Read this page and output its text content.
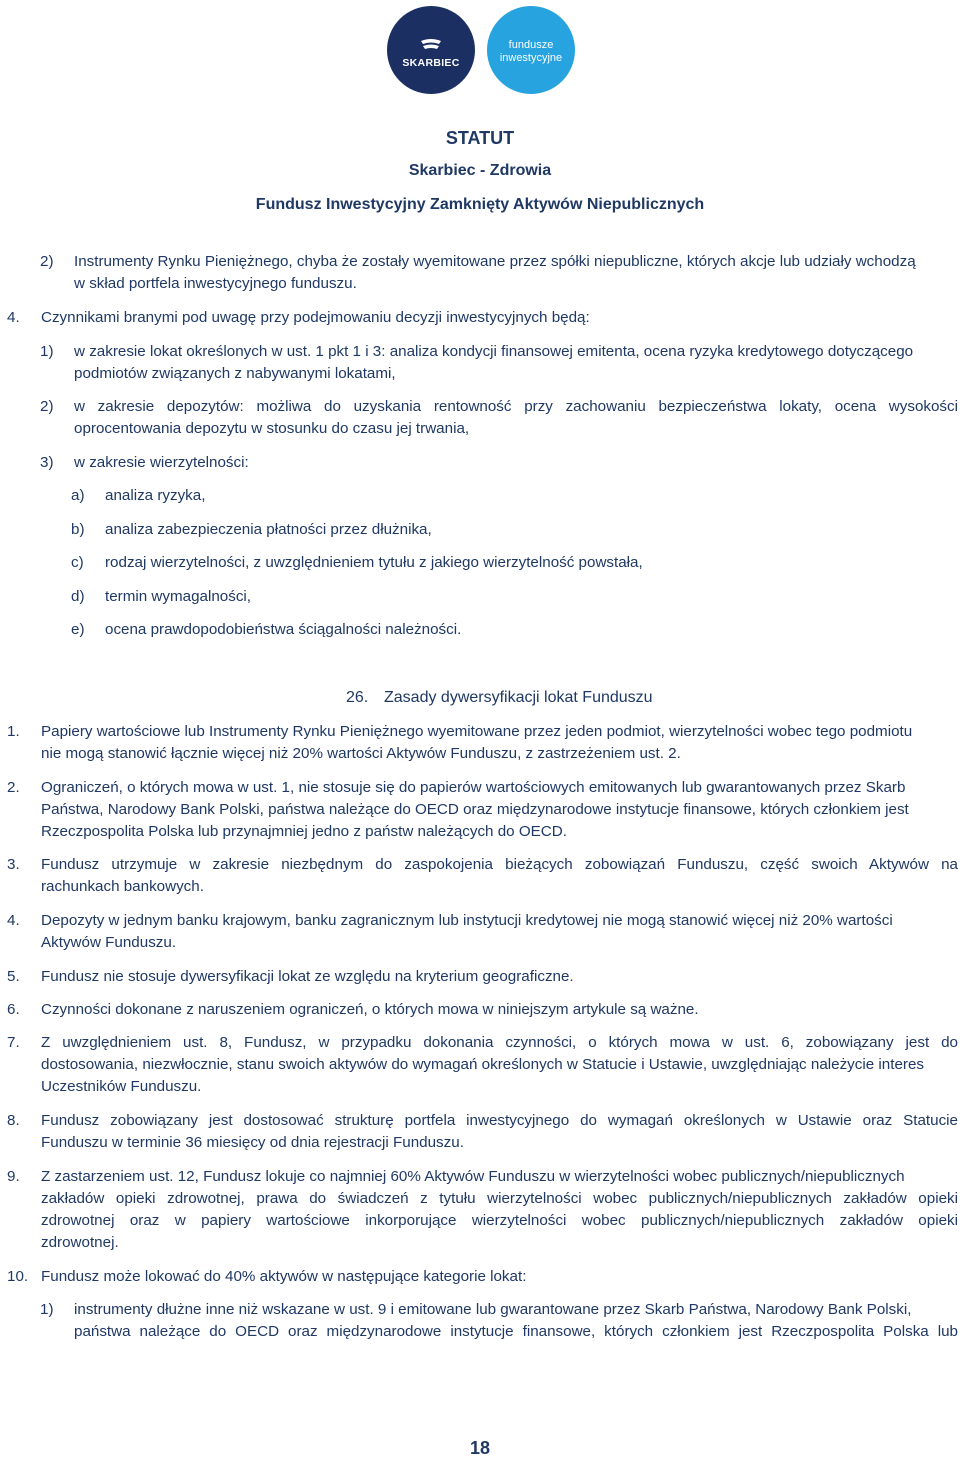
SKARBIEC
fundusze
inwestycyjne
STATUT
Skarbiec - Zdrowia
Fundusz Inwestycyjny Zamknięty Aktywów Niepublicznych
2) Instrumenty Rynku Pieniężnego, chyba że zostały wyemitowane przez spółki niepubliczne, których akcje lub udziały wchodzą
w skład portfela inwestycyjnego funduszu.
4. Czynnikami branymi pod uwagę przy podejmowaniu decyzji inwestycyjnych będą:
1) w zakresie lokat określonych w ust. 1 pkt 1 i 3: analiza kondycji finansowej emitenta, ocena ryzyka kredytowego dotyczącego
podmiotów związanych z nabywanymi lokatami,
2) w zakresie depozytów: możliwa do uzyskania rentowność przy zachowaniu bezpieczeństwa lokaty, ocena wysokości
oprocentowania depozytu w stosunku do czasu jej trwania,
3) w zakresie wierzytelności:
a) analiza ryzyka,
b) analiza zabezpieczenia płatności przez dłużnika,
c) rodzaj wierzytelności, z uwzględnieniem tytułu z jakiego wierzytelność powstała,
d) termin wymagalności,
e) ocena prawdopodobieństwa ściągalności należności.
26. Zasady dywersyfikacji lokat Funduszu
1. Papiery wartościowe lub Instrumenty Rynku Pieniężnego wyemitowane przez jeden podmiot, wierzytelności wobec tego podmiotu
nie mogą stanowić łącznie więcej niż 20% wartości Aktywów Funduszu, z zastrzeżeniem ust. 2.
2. Ograniczeń, o których mowa w ust. 1, nie stosuje się do papierów wartościowych emitowanych lub gwarantowanych przez Skarb
Państwa, Narodowy Bank Polski, państwa należące do OECD oraz międzynarodowe instytucje finansowe, których członkiem jest
Rzeczpospolita Polska lub przynajmniej jedno z państw należących do OECD.
3. Fundusz utrzymuje w zakresie niezbędnym do zaspokojenia bieżących zobowiązań Funduszu, część swoich Aktywów na
rachunkach bankowych.
4. Depozyty w jednym banku krajowym, banku zagranicznym lub instytucji kredytowej nie mogą stanowić więcej niż 20% wartości
Aktywów Funduszu.
5. Fundusz nie stosuje dywersyfikacji lokat ze względu na kryterium geograficzne.
6. Czynności dokonane z naruszeniem ograniczeń, o których mowa w niniejszym artykule są ważne.
7. Z uwzględnieniem ust. 8, Fundusz, w przypadku dokonania czynności, o których mowa w ust. 6, zobowiązany jest do
dostosowania, niezwłocznie, stanu swoich aktywów do wymagań określonych w Statucie i Ustawie, uwzględniając należycie interes
Uczestników Funduszu.
8. Fundusz zobowiązany jest dostosować strukturę portfela inwestycyjnego do wymagań określonych w Ustawie oraz Statucie
Funduszu w terminie 36 miesięcy od dnia rejestracji Funduszu.
9. Z zastarzeniem ust. 12, Fundusz lokuje co najmniej 60% Aktywów Funduszu w wierzytelności wobec publicznych/niepublicznych
zakładów opieki zdrowotnej, prawa do świadczeń z tytułu wierzytelności wobec publicznych/niepublicznych zakładów opieki
zdrowotnej oraz w papiery wartościowe inkorporujące wierzytelności wobec publicznych/niepublicznych zakładów opieki
zdrowotnej.
10. Fundusz może lokować do 40% aktywów w następujące kategorie lokat:
1) instrumenty dłużne inne niż wskazane w ust. 9 i emitowane lub gwarantowane przez Skarb Państwa, Narodowy Bank Polski,
państwa należące do OECD oraz międzynarodowe instytucje finansowe, których członkiem jest Rzeczpospolita Polska lub
18
